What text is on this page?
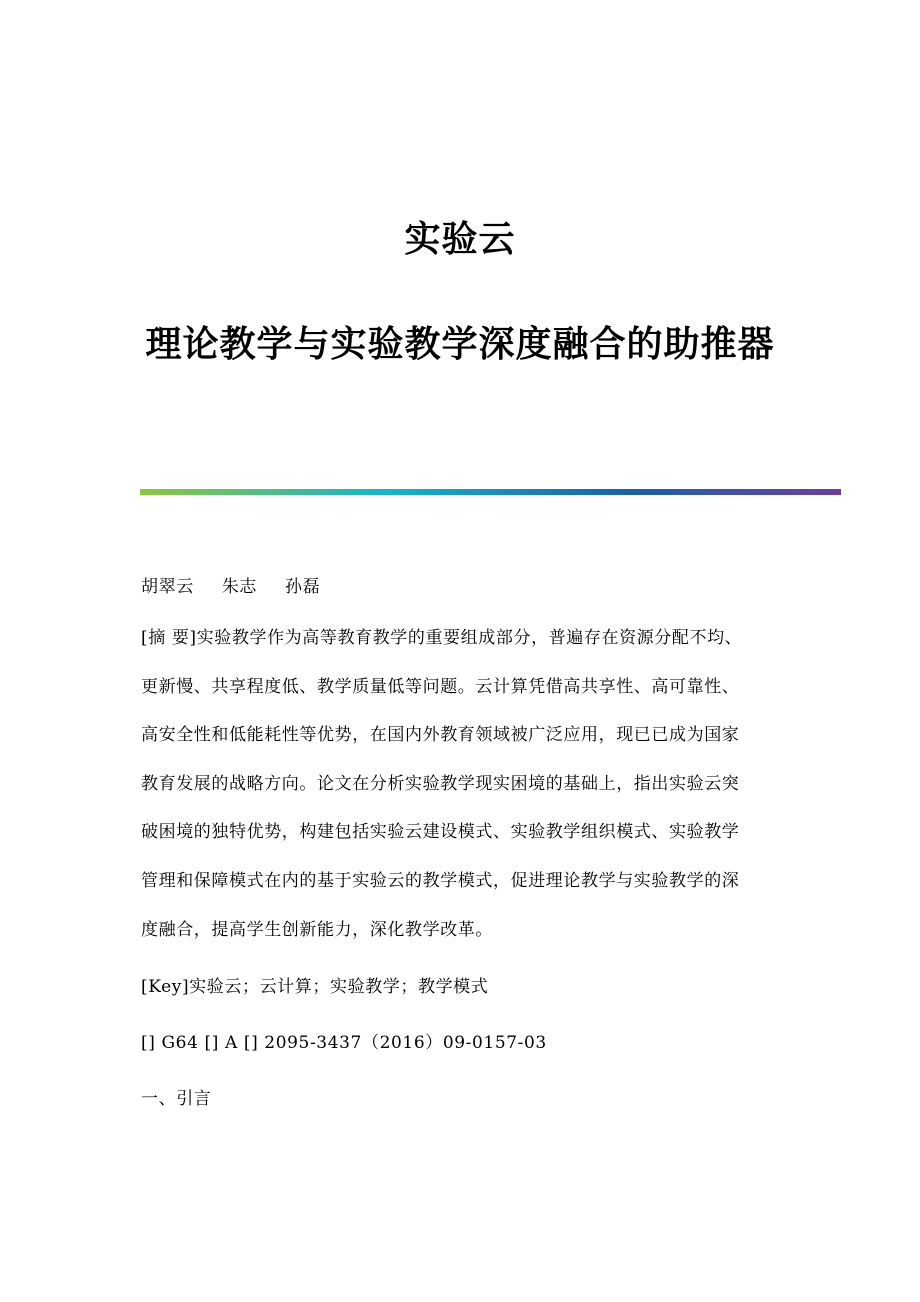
实验云
理论教学与实验教学深度融合的助推器
胡翠云 朱志 孙磊
[摘 要]实验教学作为高等教育教学的重要组成部分，普遍存在资源分配不均、
更新慢、共享程度低、教学质量低等问题。云计算凭借高共享性、高可靠性、
高安全性和低能耗性等优势，在国内外教育领域被广泛应用，现已已成为国家
教育发展的战略方向。论文在分析实验教学现实困境的基础上，指出实验云突
破困境的独特优势，构建包括实验云建设模式、实验教学组织模式、实验教学
管理和保障模式在内的基于实验云的教学模式，促进理论教学与实验教学的深
度融合，提高学生创新能力，深化教学改革。
[Key]实验云；云计算；实验教学；教学模式
[] G64 [] A [] 2095-3437（2016）09-0157-03
一、引言
